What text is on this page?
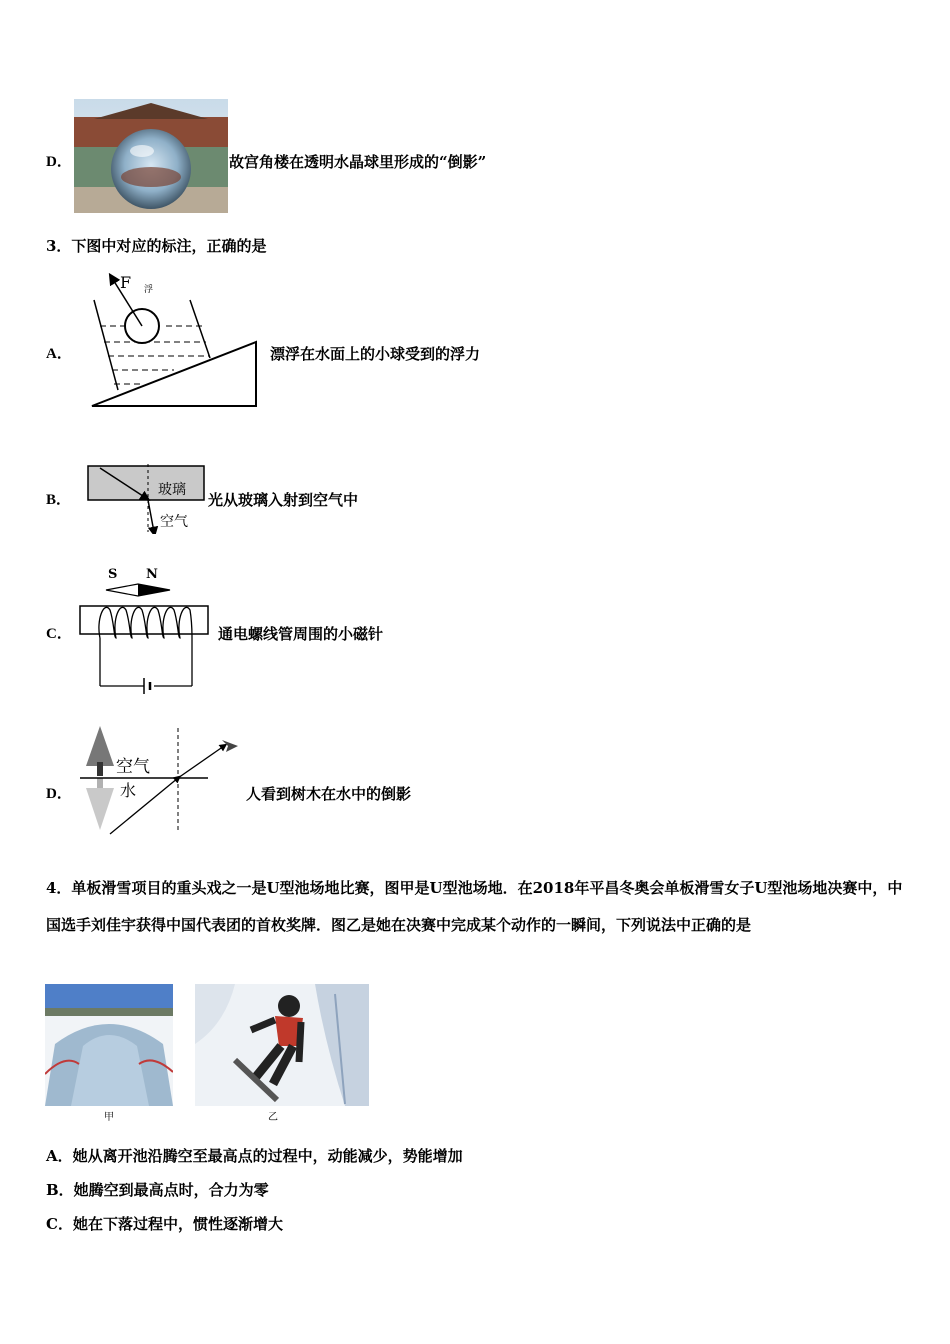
D．	故宫角楼在透明水晶球里形成的“倒影”
3．下图中对应的标注，正确的是
A．
F 浮
漂浮在水面上的小球受到的浮力
B．
玻璃
空气
光从玻璃入射到空气中
C．
S N
通电螺线管周围的小磁针
D．
空气
水	人看到树木在水中的倒影
4．单板滑雪项目的重头戏之一是U型池场地比赛，图甲是U型池场地．在2018年平昌冬奥会单板滑雪女子U型池场地决赛中，中国选手刘佳宇获得中国代表团的首枚奖牌．图乙是她在决赛中完成某个动作的一瞬间，下列说法中正确的是
甲	乙
A．她从离开池沿腾空至最高点的过程中，动能减少，势能增加
B．她腾空到最高点时，合力为零
C．她在下落过程中，惯性逐渐增大
